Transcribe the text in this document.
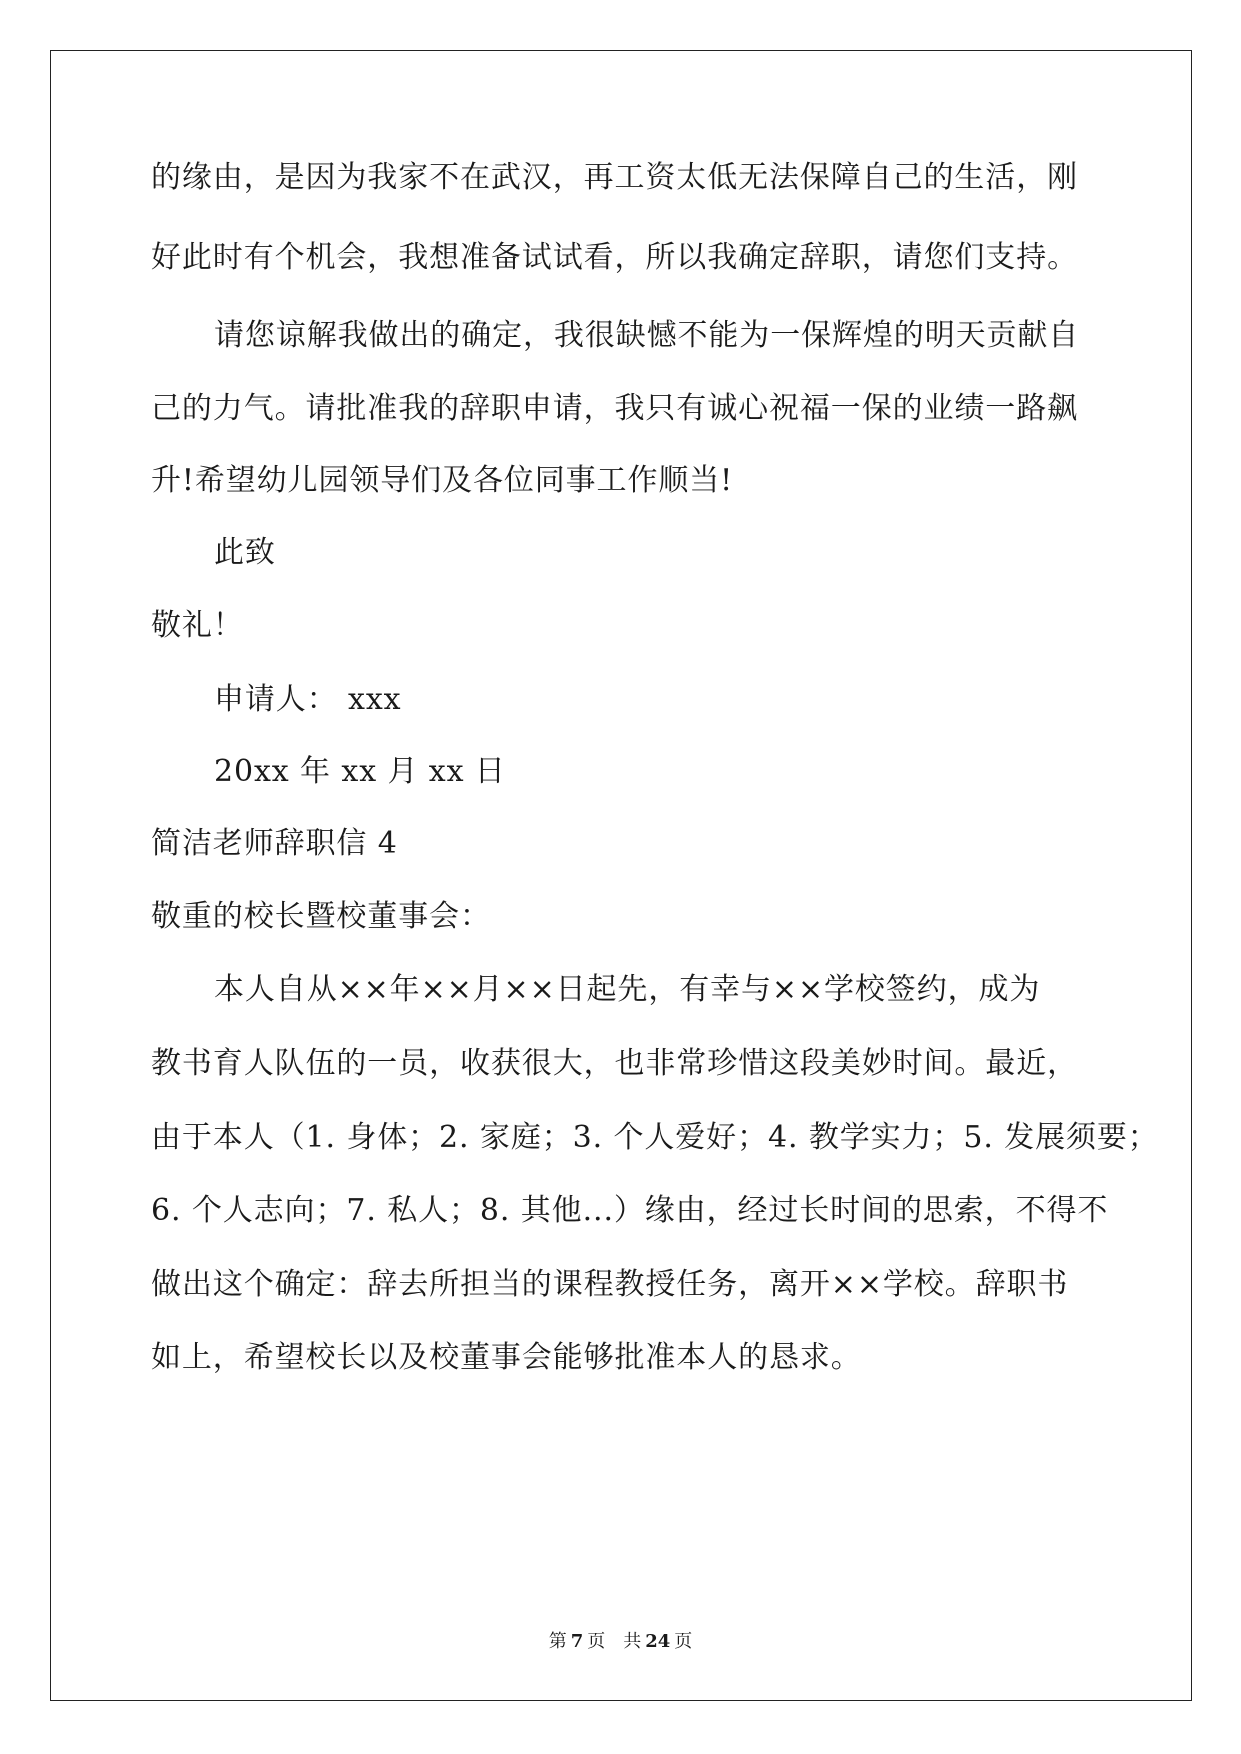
的缘由，是因为我家不在武汉，再工资太低无法保障自己的生活，刚
好此时有个机会，我想准备试试看，所以我确定辞职，请您们支持。
请您谅解我做出的确定，我很缺憾不能为一保辉煌的明天贡献自
己的力气。请批准我的辞职申请，我只有诚心祝福一保的业绩一路飙
升!希望幼儿园领导们及各位同事工作顺当!
此致
敬礼！
申请人： xxx
20xx 年 xx 月 xx 日
简洁老师辞职信 4
敬重的校长暨校董事会：
本人自从××年××月××日起先，有幸与××学校签约，成为
教书育人队伍的一员，收获很大，也非常珍惜这段美妙时间。最近，
由于本人（1. 身体；2. 家庭；3. 个人爱好；4. 教学实力；5. 发展须要；
6. 个人志向；7. 私人；8. 其他...）缘由，经过长时间的思索，不得不
做出这个确定：辞去所担当的课程教授任务，离开××学校。辞职书
如上，希望校长以及校董事会能够批准本人的恳求。
第 7 页 共 24 页
